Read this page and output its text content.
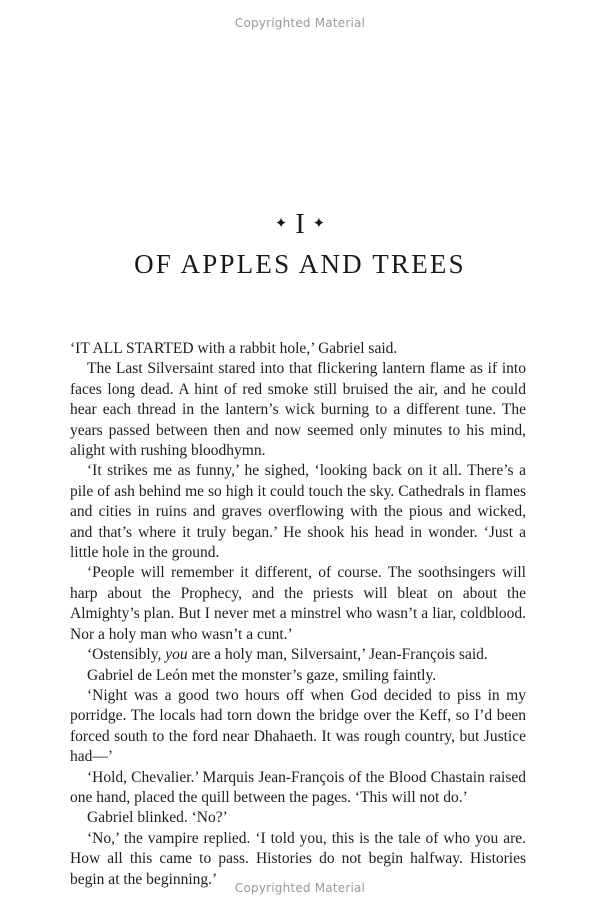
Copyrighted Material
✦ I ✦
OF APPLES AND TREES

‘IT ALL STARTED with a rabbit hole,’ Gabriel said.

The Last Silversaint stared into that flickering lantern flame as if into faces long dead. A hint of red smoke still bruised the air, and he could hear each thread in the lantern’s wick burning to a different tune. The years passed between then and now seemed only minutes to his mind, alight with rushing bloodhymn.

‘It strikes me as funny,’ he sighed, ‘looking back on it all. There’s a pile of ash behind me so high it could touch the sky. Cathedrals in flames and cities in ruins and graves overflowing with the pious and wicked, and that’s where it truly began.’ He shook his head in wonder. ‘Just a little hole in the ground.

‘People will remember it different, of course. The soothsingers will harp about the Prophecy, and the priests will bleat on about the Almighty’s plan. But I never met a minstrel who wasn’t a liar, coldblood. Nor a holy man who wasn’t a cunt.’

‘Ostensibly, you are a holy man, Silversaint,’ Jean-François said.

Gabriel de León met the monster’s gaze, smiling faintly.

‘Night was a good two hours off when God decided to piss in my porridge. The locals had torn down the bridge over the Keff, so I’d been forced south to the ford near Dhahaeth. It was rough country, but Justice had—’

‘Hold, Chevalier.’ Marquis Jean-François of the Blood Chastain raised one hand, placed the quill between the pages. ‘This will not do.’

Gabriel blinked. ‘No?’

‘No,’ the vampire replied. ‘I told you, this is the tale of who you are. How all this came to pass. Histories do not begin halfway. Histories begin at the beginning.’

Copyrighted Material
